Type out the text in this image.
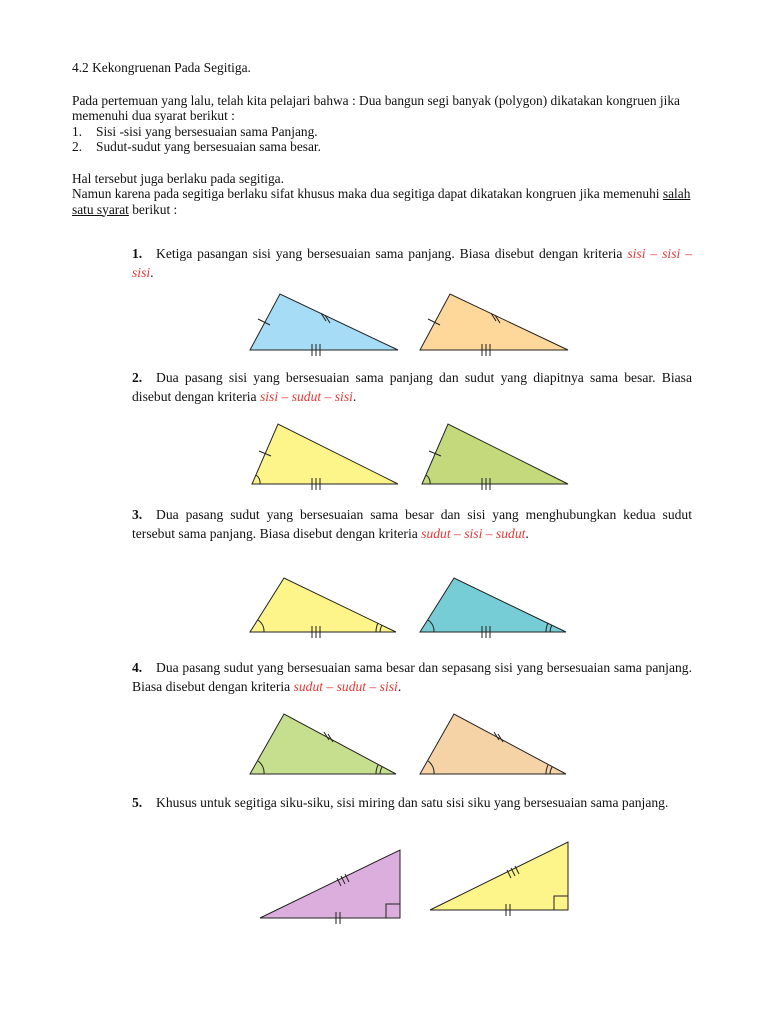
4.2 Kekongruenan Pada Segitiga.

Pada pertemuan yang lalu, telah kita pelajari bahwa : Dua bangun segi banyak (polygon) dikatakan kongruen jika memenuhi dua syarat berikut :

1. Sisi -sisi yang bersesuaian sama Panjang.
2. Sudut-sudut yang bersesuaian sama besar.

Hal tersebut juga berlaku pada segitiga.

Namun karena pada segitiga berlaku sifat khusus maka dua segitiga dapat dikatakan kongruen jika memenuhi salah satu syarat berikut :

1. Ketiga pasangan sisi yang bersesuaian sama panjang. Biasa disebut dengan kriteria sisi – sisi – sisi.
2. Dua pasang sisi yang bersesuaian sama panjang dan sudut yang diapitnya sama besar. Biasa disebut dengan kriteria sisi – sudut – sisi.
3. Dua pasang sudut yang bersesuaian sama besar dan sisi yang menghubungkan kedua sudut tersebut sama panjang. Biasa disebut dengan kriteria sudut – sisi – sudut.
4. Dua pasang sudut yang bersesuaian sama besar dan sepasang sisi yang bersesuaian sama panjang. Biasa disebut dengan kriteria sudut – sudut – sisi.
5. Khusus untuk segitiga siku-siku, sisi miring dan satu sisi siku yang bersesuaian sama panjang.
